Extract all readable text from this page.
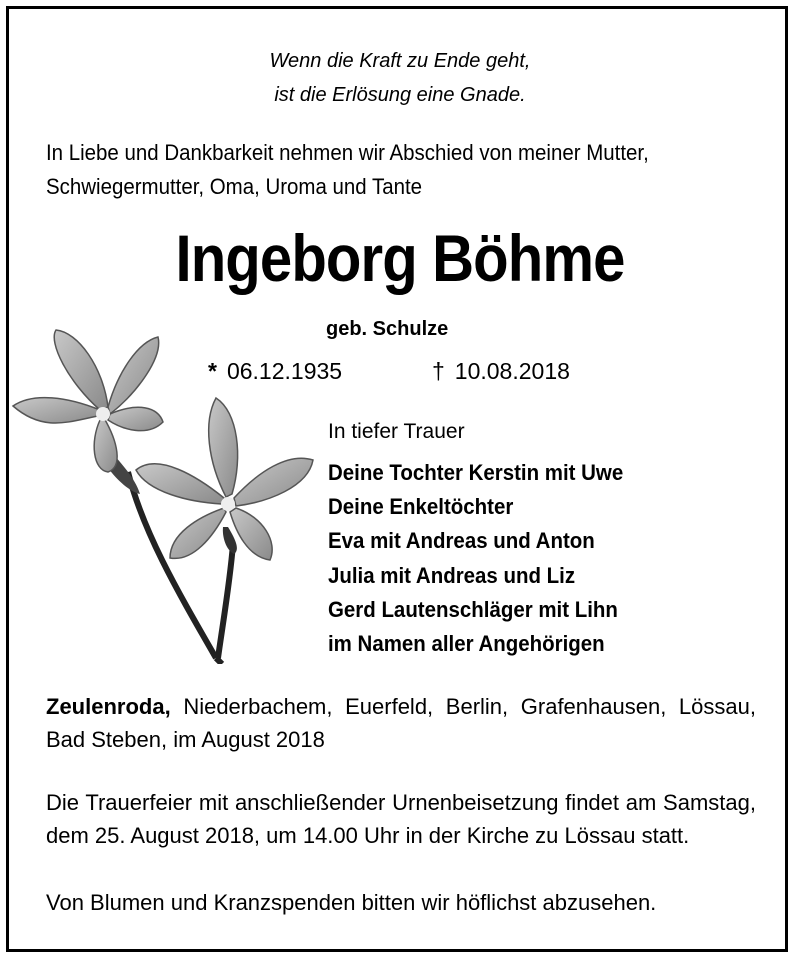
Wenn die Kraft zu Ende geht,
ist die Erlösung eine Gnade.
In Liebe und Dankbarkeit nehmen wir Abschied von meiner Mutter,
Schwiegermutter, Oma, Uroma und Tante
Ingeborg Böhme
geb. Schulze
* 06.12.1935	† 10.08.2018
In tiefer Trauer
Deine Tochter Kerstin mit Uwe
Deine Enkeltöchter
Eva mit Andreas und Anton
Julia mit Andreas und Liz
Gerd Lautenschläger mit Lihn
im Namen aller Angehörigen
Zeulenroda, Niederbachem, Euerfeld, Berlin, Grafenhausen, Lössau, Bad Steben, im August 2018
Die Trauerfeier mit anschließender Urnenbeisetzung findet am Samstag, dem 25. August 2018, um 14.00 Uhr in der Kirche zu Lössau statt.
Von Blumen und Kranzspenden bitten wir höflichst abzusehen.
